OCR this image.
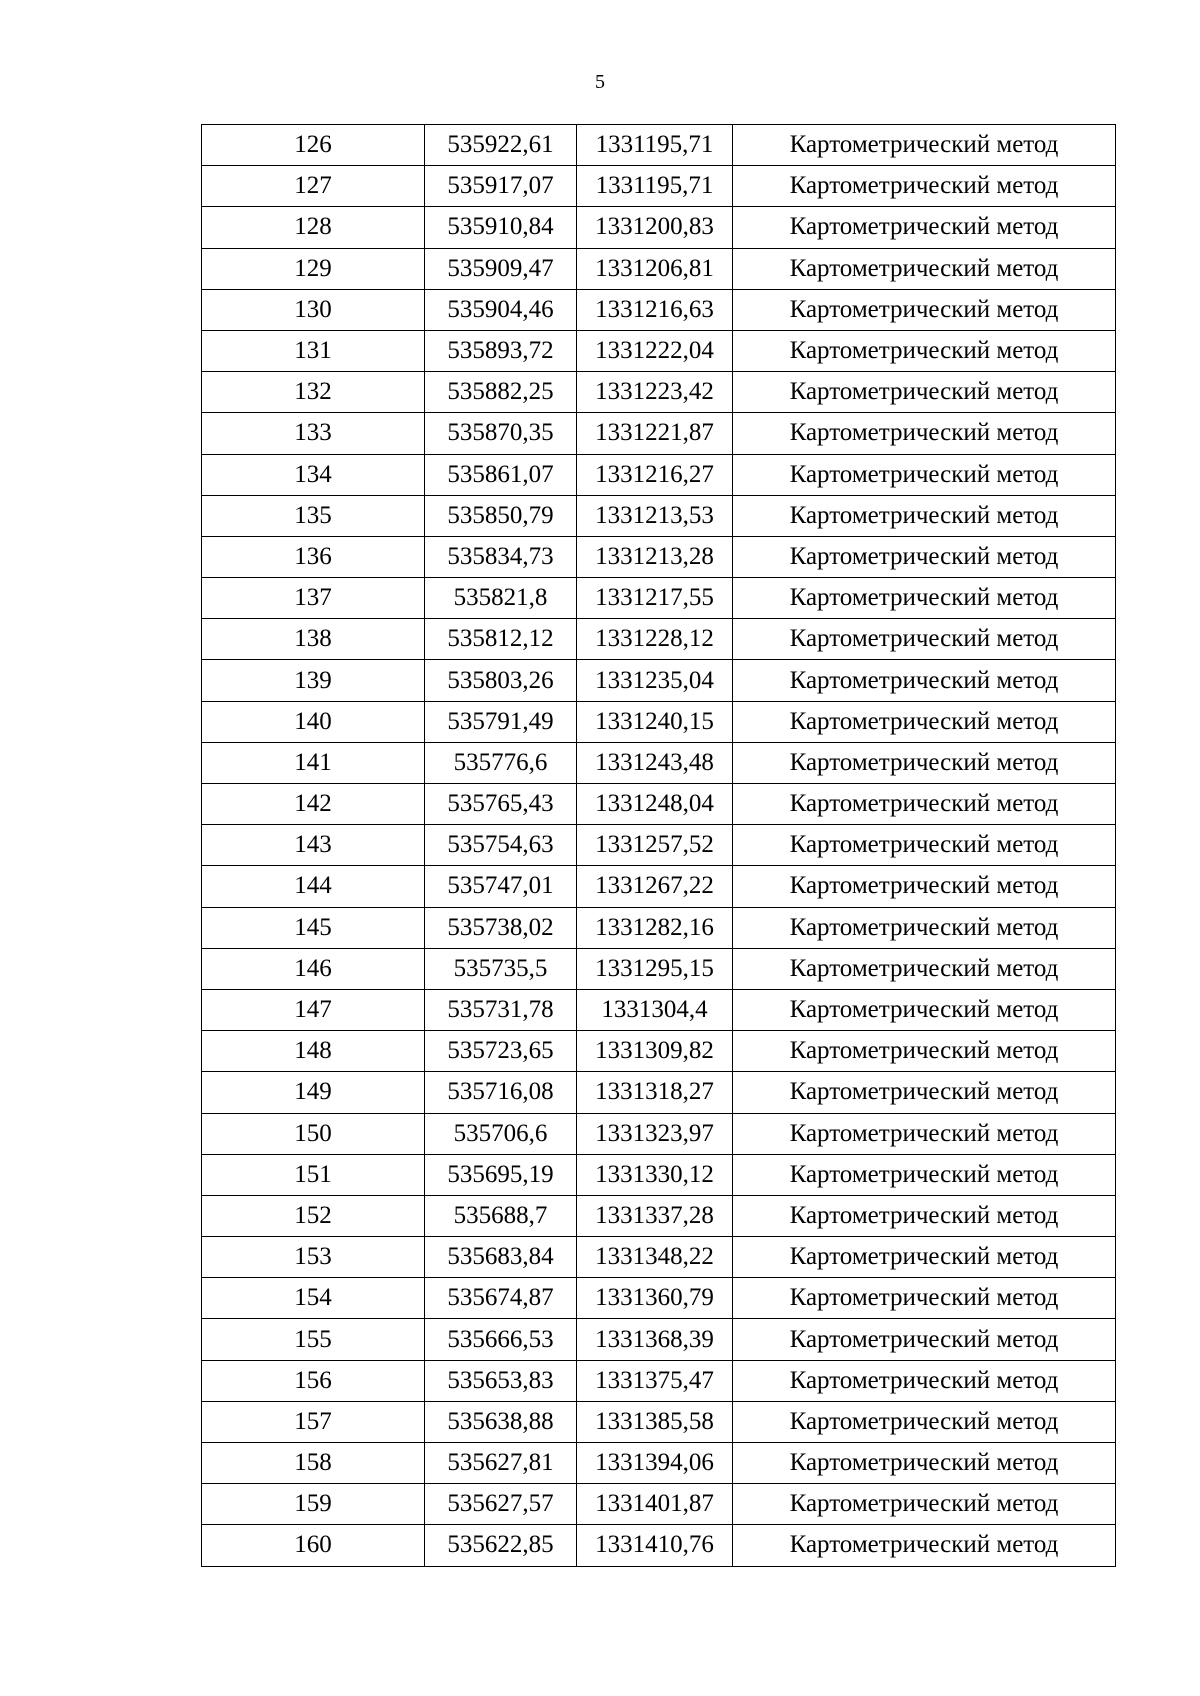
5
126	535922,61	1331195,71	Картометрический метод
127	535917,07	1331195,71	Картометрический метод
128	535910,84	1331200,83	Картометрический метод
129	535909,47	1331206,81	Картометрический метод
130	535904,46	1331216,63	Картометрический метод
131	535893,72	1331222,04	Картометрический метод
132	535882,25	1331223,42	Картометрический метод
133	535870,35	1331221,87	Картометрический метод
134	535861,07	1331216,27	Картометрический метод
135	535850,79	1331213,53	Картометрический метод
136	535834,73	1331213,28	Картометрический метод
137	535821,8	1331217,55	Картометрический метод
138	535812,12	1331228,12	Картометрический метод
139	535803,26	1331235,04	Картометрический метод
140	535791,49	1331240,15	Картометрический метод
141	535776,6	1331243,48	Картометрический метод
142	535765,43	1331248,04	Картометрический метод
143	535754,63	1331257,52	Картометрический метод
144	535747,01	1331267,22	Картометрический метод
145	535738,02	1331282,16	Картометрический метод
146	535735,5	1331295,15	Картометрический метод
147	535731,78	1331304,4	Картометрический метод
148	535723,65	1331309,82	Картометрический метод
149	535716,08	1331318,27	Картометрический метод
150	535706,6	1331323,97	Картометрический метод
151	535695,19	1331330,12	Картометрический метод
152	535688,7	1331337,28	Картометрический метод
153	535683,84	1331348,22	Картометрический метод
154	535674,87	1331360,79	Картометрический метод
155	535666,53	1331368,39	Картометрический метод
156	535653,83	1331375,47	Картометрический метод
157	535638,88	1331385,58	Картометрический метод
158	535627,81	1331394,06	Картометрический метод
159	535627,57	1331401,87	Картометрический метод
160	535622,85	1331410,76	Картометрический метод
